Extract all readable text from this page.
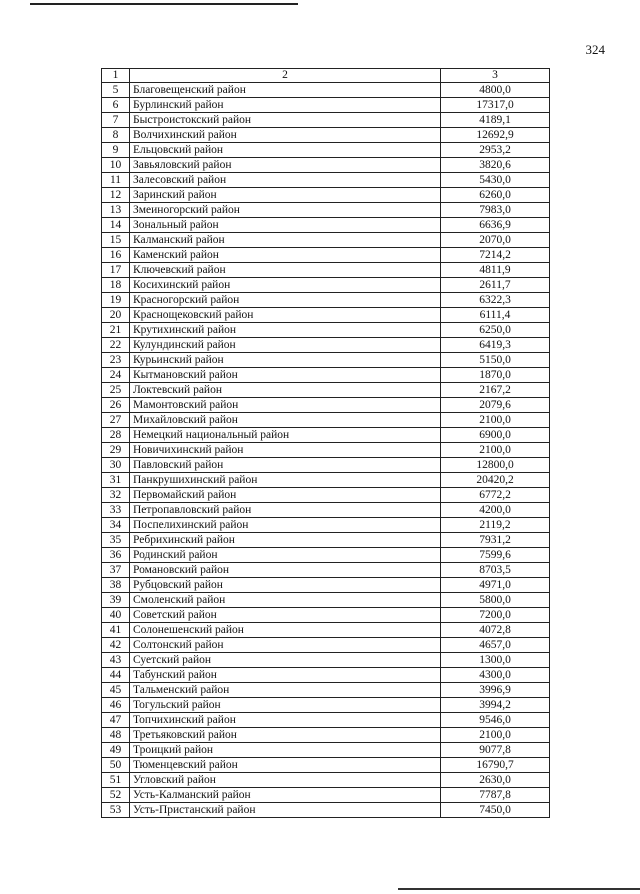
324
1	2	3
5	Благовещенский район	4800,0
6	Бурлинский район	17317,0
7	Быстроистокский район	4189,1
8	Волчихинский район	12692,9
9	Ельцовский район	2953,2
10	Завьяловский район	3820,6
11	Залесовский район	5430,0
12	Заринский район	6260,0
13	Змеиногорский район	7983,0
14	Зональный район	6636,9
15	Калманский район	2070,0
16	Каменский район	7214,2
17	Ключевский район	4811,9
18	Косихинский район	2611,7
19	Красногорский район	6322,3
20	Краснощековский район	6111,4
21	Крутихинский район	6250,0
22	Кулундинский район	6419,3
23	Курьинский район	5150,0
24	Кытмановский район	1870,0
25	Локтевский район	2167,2
26	Мамонтовский район	2079,6
27	Михайловский район	2100,0
28	Немецкий национальный район	6900,0
29	Новичихинский район	2100,0
30	Павловский район	12800,0
31	Панкрушихинский район	20420,2
32	Первомайский район	6772,2
33	Петропавловский район	4200,0
34	Поспелихинский район	2119,2
35	Ребрихинский район	7931,2
36	Родинский район	7599,6
37	Романовский район	8703,5
38	Рубцовский район	4971,0
39	Смоленский район	5800,0
40	Советский район	7200,0
41	Солонешенский район	4072,8
42	Солтонский район	4657,0
43	Суетский район	1300,0
44	Табунский район	4300,0
45	Тальменский район	3996,9
46	Тогульский район	3994,2
47	Топчихинский район	9546,0
48	Третьяковский район	2100,0
49	Троицкий район	9077,8
50	Тюменцевский район	16790,7
51	Угловский район	2630,0
52	Усть-Калманский район	7787,8
53	Усть-Пристанский район	7450,0
